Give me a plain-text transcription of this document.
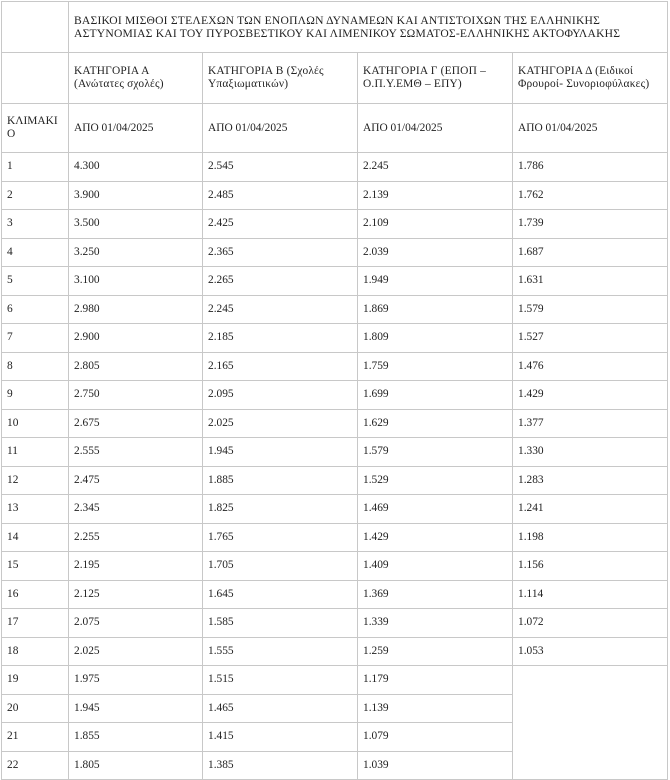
	ΒΑΣΙΚΟΙ ΜΙΣΘΟΙ ΣΤΕΛΕΧΩΝ ΤΩΝ ΕΝΟΠΛΩΝ ΔΥΝΑΜΕΩΝ ΚΑΙ ΑΝΤΙΣΤΟΙΧΩΝ ΤΗΣ ΕΛΛΗΝΙΚΗΣ ΑΣΤΥΝΟΜΙΑΣ ΚΑΙ ΤΟΥ ΠΥΡΟΣΒΕΣΤΙΚΟΥ ΚΑΙ ΛΙΜΕΝΙΚΟΥ ΣΩΜΑΤΟΣ-ΕΛΛΗΝΙΚΗΣ ΑΚΤΟΦΥΛΑΚΗΣ			
	ΚΑΤΗΓΟΡΙΑ Α (Ανώτατες σχολές)	ΚΑΤΗΓΟΡΙΑ Β (Σχολές Υπαξιωματικών)	ΚΑΤΗΓΟΡΙΑ Γ (ΕΠΟΠ – Ο.Π.Υ.ΕΜΘ – ΕΠΥ)	ΚΑΤΗΓΟΡΙΑ Δ (Ειδικοί Φρουροί- Συνοριοφύλακες)
ΚΛΙΜΑΚΙΟ	ΑΠΟ 01/04/2025	ΑΠΟ 01/04/2025	ΑΠΟ 01/04/2025	ΑΠΟ 01/04/2025
1	4.300	2.545	2.245	1.786
2	3.900	2.485	2.139	1.762
3	3.500	2.425	2.109	1.739
4	3.250	2.365	2.039	1.687
5	3.100	2.265	1.949	1.631
6	2.980	2.245	1.869	1.579
7	2.900	2.185	1.809	1.527
8	2.805	2.165	1.759	1.476
9	2.750	2.095	1.699	1.429
10	2.675	2.025	1.629	1.377
11	2.555	1.945	1.579	1.330
12	2.475	1.885	1.529	1.283
13	2.345	1.825	1.469	1.241
14	2.255	1.765	1.429	1.198
15	2.195	1.705	1.409	1.156
16	2.125	1.645	1.369	1.114
17	2.075	1.585	1.339	1.072
18	2.025	1.555	1.259	1.053
19	1.975	1.515	1.179	
20	1.945	1.465	1.139	
21	1.855	1.415	1.079	
22	1.805	1.385	1.039	
